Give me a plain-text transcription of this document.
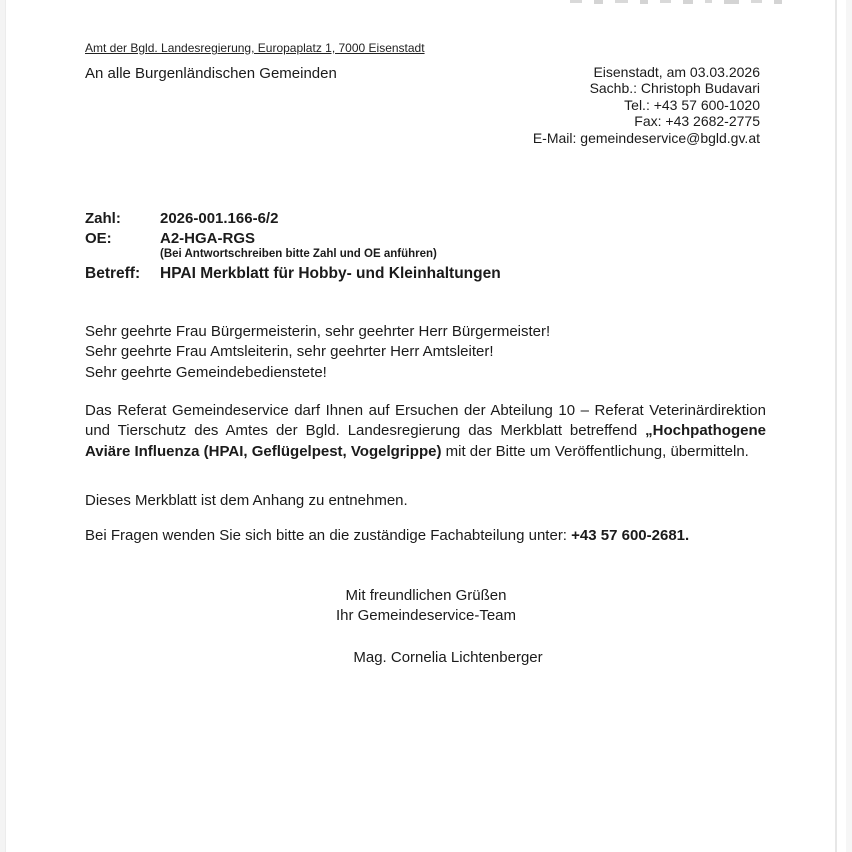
Amt der Bgld. Landesregierung, Europaplatz 1, 7000 Eisenstadt
An alle Burgenländischen Gemeinden	Eisenstadt, am 03.03.2026
Sachb.: Christoph Budavari
Tel.: +43 57 600-1020
Fax: +43 2682-2775
E-Mail: gemeindeservice@bgld.gv.at
Zahl:	2026-001.166-6/2
OE:	A2-HGA-RGS
(Bei Antwortschreiben bitte Zahl und OE anführen)
Betreff:	HPAI Merkblatt für Hobby- und Kleinhaltungen
Sehr geehrte Frau Bürgermeisterin, sehr geehrter Herr Bürgermeister!
Sehr geehrte Frau Amtsleiterin, sehr geehrter Herr Amtsleiter!
Sehr geehrte Gemeindebedienstete!
Das Referat Gemeindeservice darf Ihnen auf Ersuchen der Abteilung 10 – Referat Veterinärdirektion und Tierschutz des Amtes der Bgld. Landesregierung das Merkblatt betreffend „Hochpathogene Aviäre Influenza (HPAI, Geflügelpest, Vogelgrippe) mit der Bitte um Veröffentlichung, übermitteln.
Dieses Merkblatt ist dem Anhang zu entnehmen.
Bei Fragen wenden Sie sich bitte an die zuständige Fachabteilung unter: +43 57 600-2681.
Mit freundlichen Grüßen
Ihr Gemeindeservice-Team
Mag. Cornelia Lichtenberger
